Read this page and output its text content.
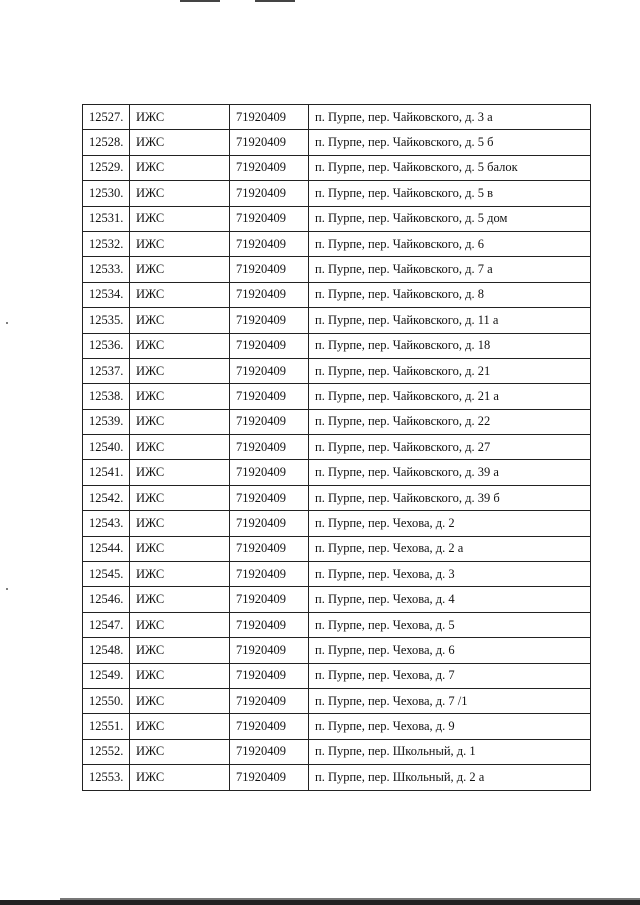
12527.	ИЖС	71920409	п. Пурпе, пер. Чайковского, д. 3 а
12528.	ИЖС	71920409	п. Пурпе, пер. Чайковского, д. 5 б
12529.	ИЖС	71920409	п. Пурпе, пер. Чайковского, д. 5 балок
12530.	ИЖС	71920409	п. Пурпе, пер. Чайковского, д. 5 в
12531.	ИЖС	71920409	п. Пурпе, пер. Чайковского, д. 5 дом
12532.	ИЖС	71920409	п. Пурпе, пер. Чайковского, д. 6
12533.	ИЖС	71920409	п. Пурпе, пер. Чайковского, д. 7 а
12534.	ИЖС	71920409	п. Пурпе, пер. Чайковского, д. 8
12535.	ИЖС	71920409	п. Пурпе, пер. Чайковского, д. 11 а
12536.	ИЖС	71920409	п. Пурпе, пер. Чайковского, д. 18
12537.	ИЖС	71920409	п. Пурпе, пер. Чайковского, д. 21
12538.	ИЖС	71920409	п. Пурпе, пер. Чайковского, д. 21 а
12539.	ИЖС	71920409	п. Пурпе, пер. Чайковского, д. 22
12540.	ИЖС	71920409	п. Пурпе, пер. Чайковского, д. 27
12541.	ИЖС	71920409	п. Пурпе, пер. Чайковского, д. 39 а
12542.	ИЖС	71920409	п. Пурпе, пер. Чайковского, д. 39 б
12543.	ИЖС	71920409	п. Пурпе, пер. Чехова, д. 2
12544.	ИЖС	71920409	п. Пурпе, пер. Чехова, д. 2 а
12545.	ИЖС	71920409	п. Пурпе, пер. Чехова, д. 3
12546.	ИЖС	71920409	п. Пурпе, пер. Чехова, д. 4
12547.	ИЖС	71920409	п. Пурпе, пер. Чехова, д. 5
12548.	ИЖС	71920409	п. Пурпе, пер. Чехова, д. 6
12549.	ИЖС	71920409	п. Пурпе, пер. Чехова, д. 7
12550.	ИЖС	71920409	п. Пурпе, пер. Чехова, д. 7 /1
12551.	ИЖС	71920409	п. Пурпе, пер. Чехова, д. 9
12552.	ИЖС	71920409	п. Пурпе, пер. Школьный, д. 1
12553.	ИЖС	71920409	п. Пурпе, пер. Школьный, д. 2 а
